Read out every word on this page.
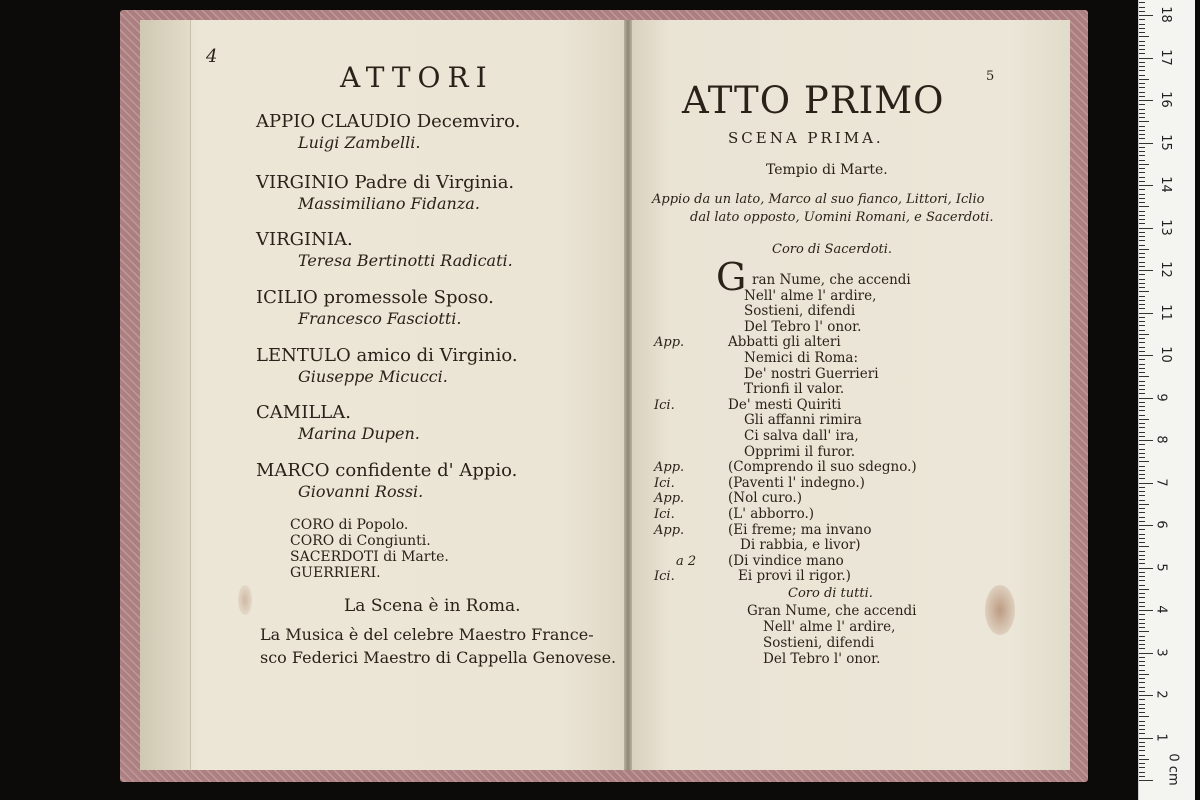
4
ATTORI
APPIO CLAUDIO Decemviro.
Luigi Zambelli.
VIRGINIO Padre di Virginia.
Massimiliano Fidanza.
VIRGINIA.
Teresa Bertinotti Radicati.
ICILIO promessole Sposo.
Francesco Fasciotti.
LENTULO amico di Virginio.
Giuseppe Micucci.
CAMILLA.
Marina Dupen.
MARCO confidente d' Appio.
Giovanni Rossi.
CORO di Popolo.
CORO di Congiunti.
SACERDOTI di Marte.
GUERRIERI.
La Scena è in Roma.
La Musica è del celebre Maestro France-
sco Federici Maestro di Cappella Genovese.
5
ATTO PRIMO
SCENA PRIMA.
Tempio di Marte.
Appio da un lato, Marco al suo fianco, Littori, Iclio
dal lato opposto, Uomini Romani, e Sacerdoti.
Coro di Sacerdoti.
G ran Nume, che accendi
Nell' alme l' ardire,
Sostieni, difendi
Del Tebro l' onor.
App.	Abbatti gli alteri
Nemici di Roma:
De' nostri Guerrieri
Trionfi il valor.
Ici.	De' mesti Quiriti
Gli affanni rimira
Ci salva dall' ira,
Opprimi il furor.
App.	(Comprendo il suo sdegno.)
Ici.	(Paventi l' indegno.)
App.	(Nol curo.)
Ici.	(L' abborro.)
App.	(Ei freme; ma invano
Di rabbia, e livor)
a 2 (Di vindice mano
Ici.	Ei provi il rigor.)
Coro di tutti.
Gran Nume, che accendi
Nell' alme l' ardire,
Sostieni, difendi
Del Tebro l' onor.
0 cm
1
2
3
4
5
6
7
8
9
10
11
12
13
14
15
16
17
18
